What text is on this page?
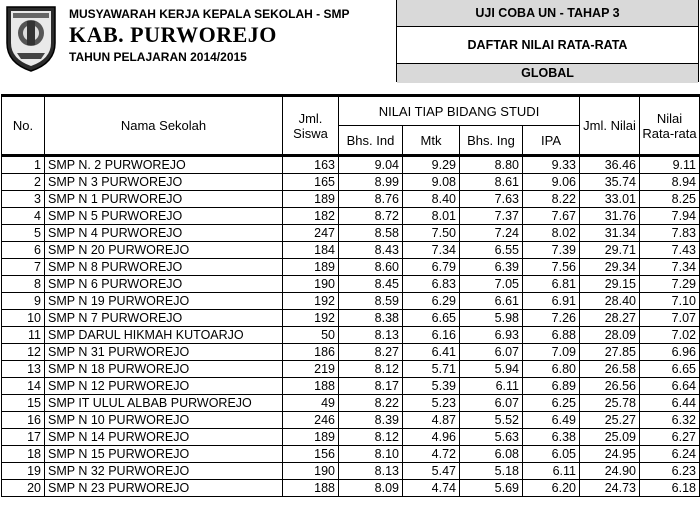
MUSYAWARAH KERJA KEPALA SEKOLAH - SMP
KAB. PURWOREJO
TAHUN PELAJARAN 2014/2015
UJI COBA UN - TAHAP 3
DAFTAR NILAI RATA-RATA
GLOBAL
No.	Nama Sekolah	Jml. Siswa	NILAI TIAP BIDANG STUDI				Jml. Nilai	Nilai Rata-rata
			Bhs. Ind	Mtk	Bhs. Ing	IPA		
1	SMP N. 2 PURWOREJO	163	9.04	9.29	8.80	9.33	36.46	9.11
2	SMP N 3 PURWOREJO	165	8.99	9.08	8.61	9.06	35.74	8.94
3	SMP N 1 PURWOREJO	189	8.76	8.40	7.63	8.22	33.01	8.25
4	SMP N 5 PURWOREJO	182	8.72	8.01	7.37	7.67	31.76	7.94
5	SMP N 4 PURWOREJO	247	8.58	7.50	7.24	8.02	31.34	7.83
6	SMP N 20 PURWOREJO	184	8.43	7.34	6.55	7.39	29.71	7.43
7	SMP N 8 PURWOREJO	189	8.60	6.79	6.39	7.56	29.34	7.34
8	SMP N 6 PURWOREJO	190	8.45	6.83	7.05	6.81	29.15	7.29
9	SMP N 19 PURWOREJO	192	8.59	6.29	6.61	6.91	28.40	7.10
10	SMP N 7 PURWOREJO	192	8.38	6.65	5.98	7.26	28.27	7.07
11	SMP DARUL HIKMAH KUTOARJO	50	8.13	6.16	6.93	6.88	28.09	7.02
12	SMP N 31 PURWOREJO	186	8.27	6.41	6.07	7.09	27.85	6.96
13	SMP N 18 PURWOREJO	219	8.12	5.71	5.94	6.80	26.58	6.65
14	SMP N 12 PURWOREJO	188	8.17	5.39	6.11	6.89	26.56	6.64
15	SMP IT ULUL ALBAB PURWOREJO	49	8.22	5.23	6.07	6.25	25.78	6.44
16	SMP N 10 PURWOREJO	246	8.39	4.87	5.52	6.49	25.27	6.32
17	SMP N 14 PURWOREJO	189	8.12	4.96	5.63	6.38	25.09	6.27
18	SMP N 15 PURWOREJO	156	8.10	4.72	6.08	6.05	24.95	6.24
19	SMP N 32 PURWOREJO	190	8.13	5.47	5.18	6.11	24.90	6.23
20	SMP N 23 PURWOREJO	188	8.09	4.74	5.69	6.20	24.73	6.18
